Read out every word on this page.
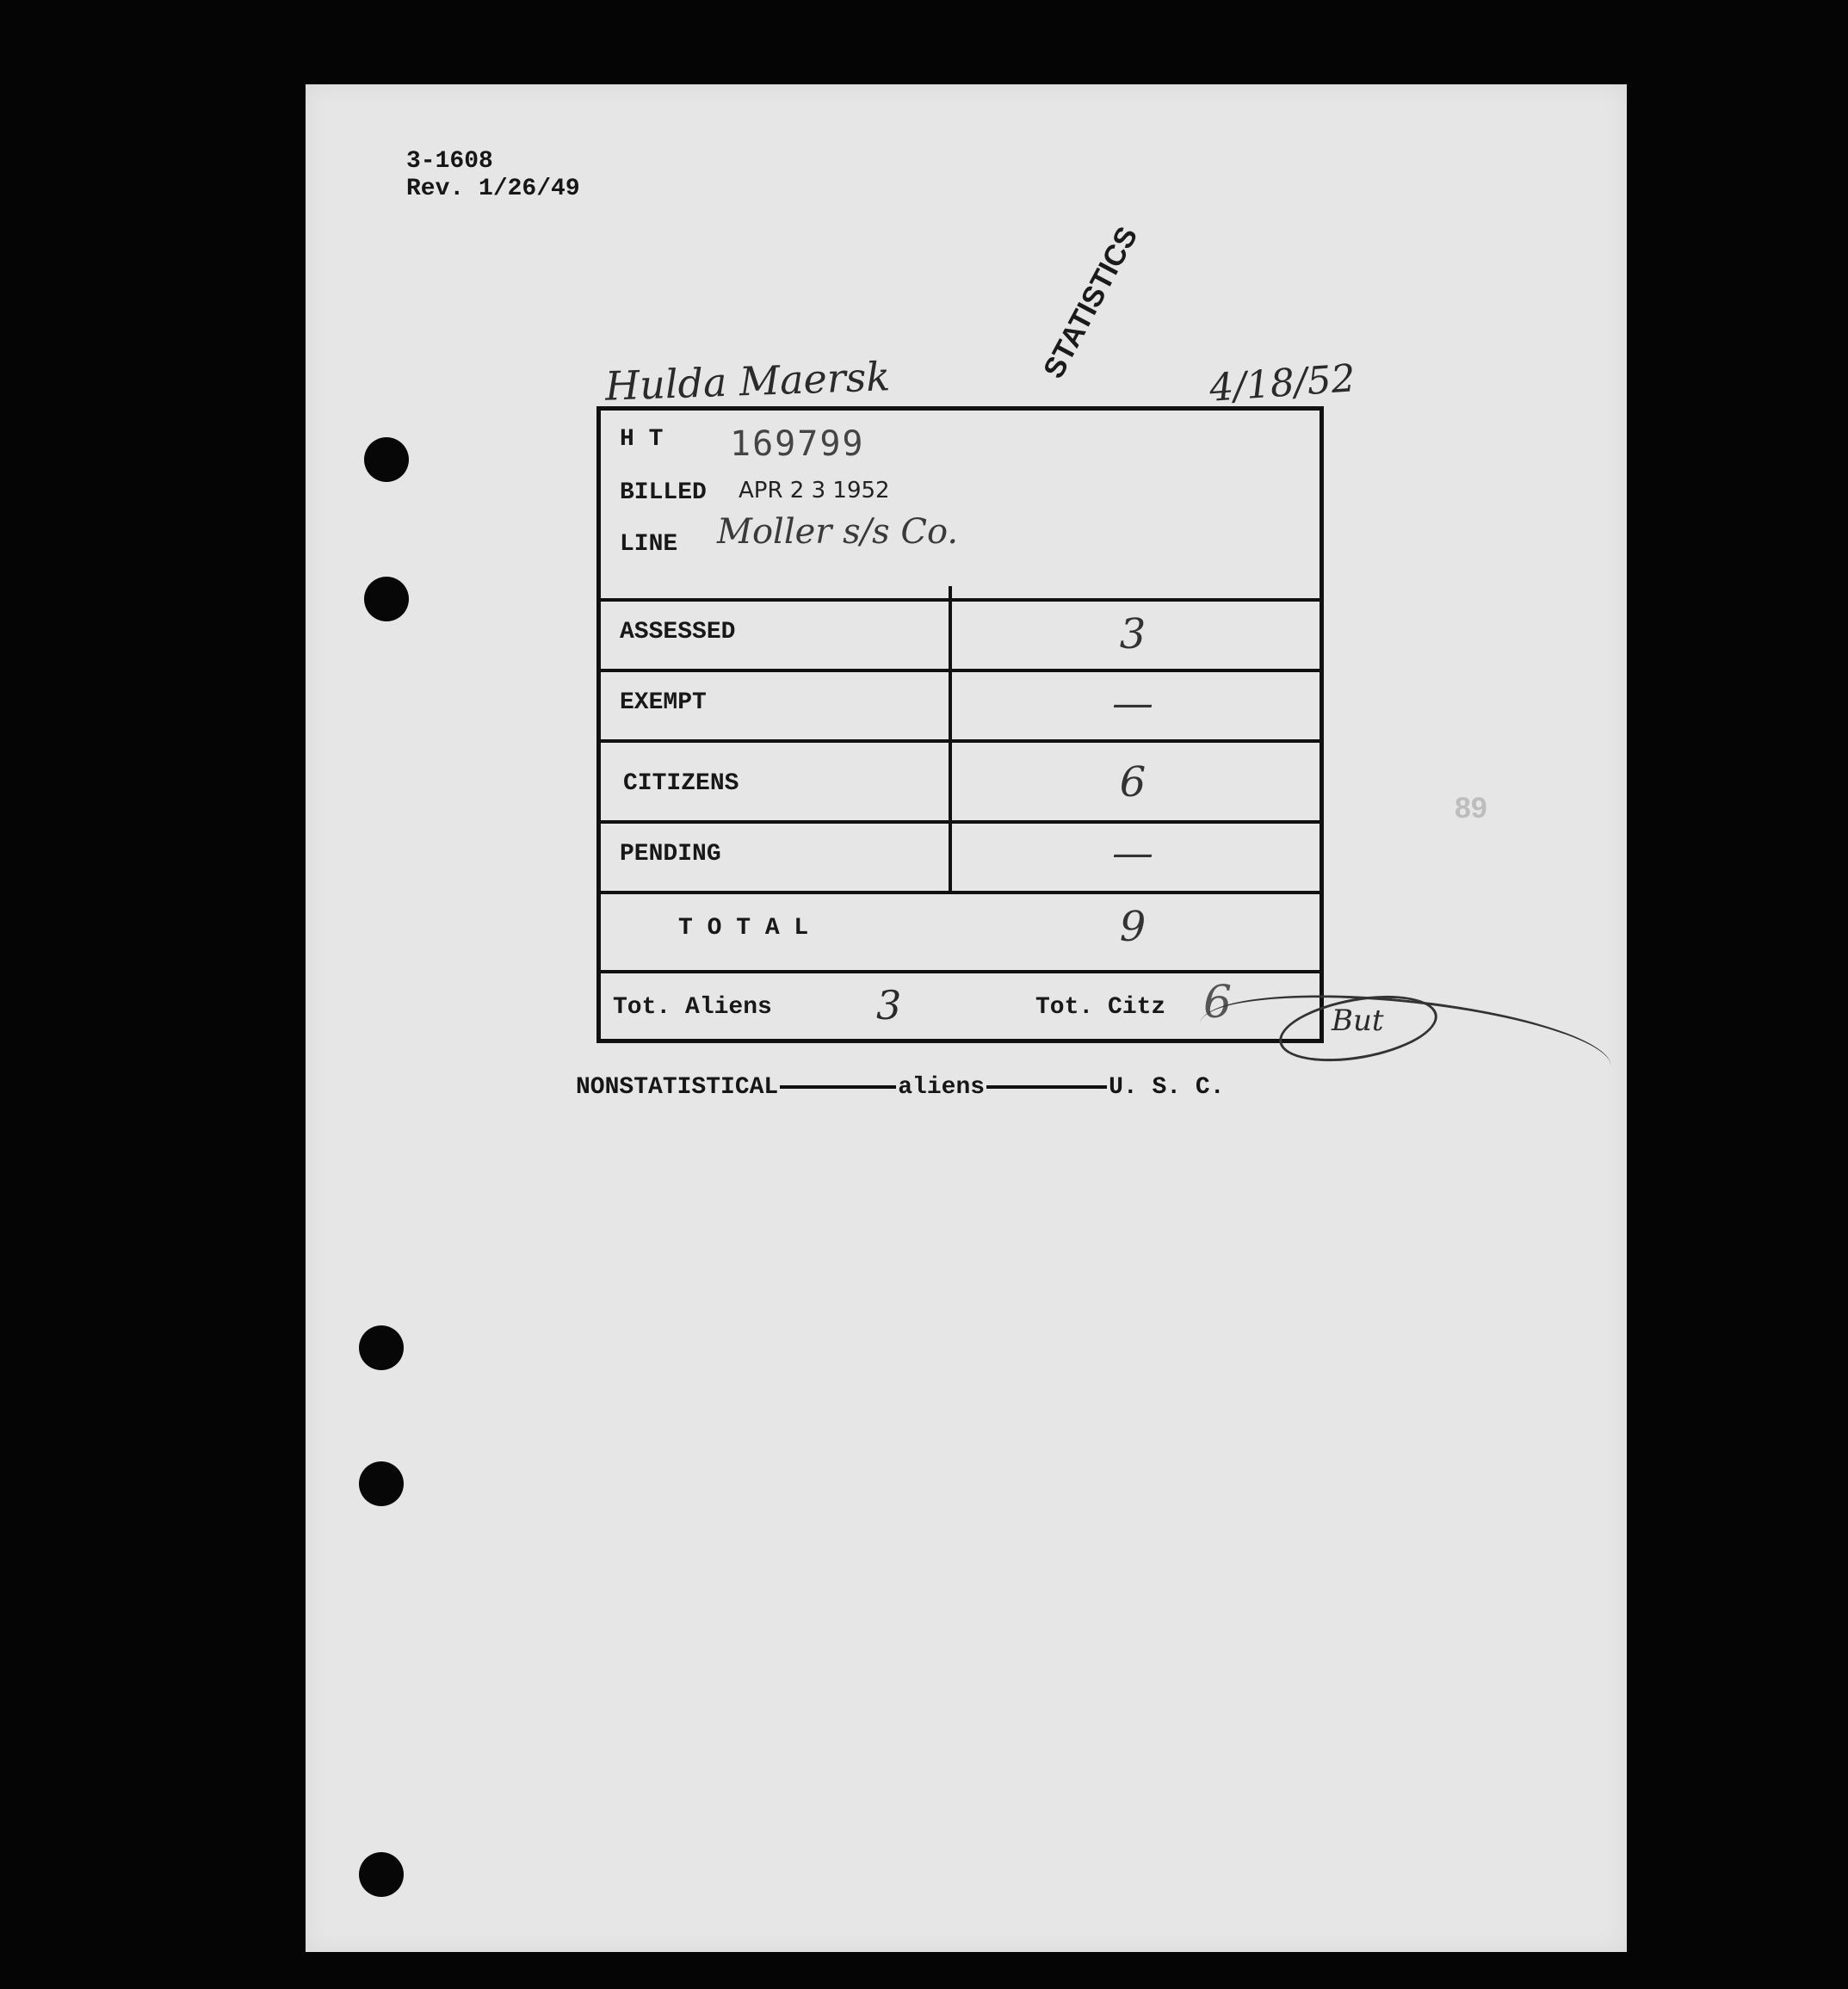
3-1608
Rev. 1/26/49
Hulda Maersk	STATISTICS 4/18/52
H T 169799
BILLED APR 2 3 1952
LINE Moller s/s Co.
ASSESSED	3
EXEMPT	—
CITIZENS	6
PENDING	—
T O T A L	9
Tot. Aliens	3	Tot. Citz 6	But
NONSTATISTICAL	aliens	U. S. C.
89
